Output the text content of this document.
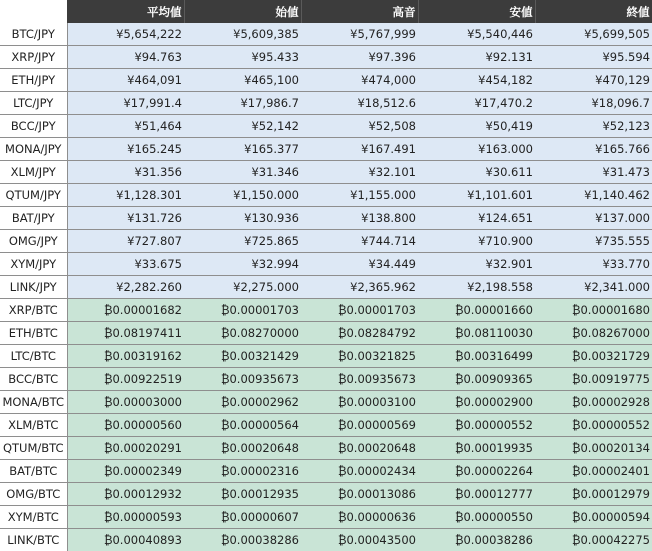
	平均値	始値	高音	安値	終値
BTC/JPY	¥5,654,222	¥5,609,385	¥5,767,999	¥5,540,446	¥5,699,505
XRP/JPY	¥94.763	¥95.433	¥97.396	¥92.131	¥95.594
ETH/JPY	¥464,091	¥465,100	¥474,000	¥454,182	¥470,129
LTC/JPY	¥17,991.4	¥17,986.7	¥18,512.6	¥17,470.2	¥18,096.7
BCC/JPY	¥51,464	¥52,142	¥52,508	¥50,419	¥52,123
MONA/JPY	¥165.245	¥165.377	¥167.491	¥163.000	¥165.766
XLM/JPY	¥31.356	¥31.346	¥32.101	¥30.611	¥31.473
QTUM/JPY	¥1,128.301	¥1,150.000	¥1,155.000	¥1,101.601	¥1,140.462
BAT/JPY	¥131.726	¥130.936	¥138.800	¥124.651	¥137.000
OMG/JPY	¥727.807	¥725.865	¥744.714	¥710.900	¥735.555
XYM/JPY	¥33.675	¥32.994	¥34.449	¥32.901	¥33.770
LINK/JPY	¥2,282.260	¥2,275.000	¥2,365.962	¥2,198.558	¥2,341.000
XRP/BTC	₿0.00001682	₿0.00001703	₿0.00001703	₿0.00001660	₿0.00001680
ETH/BTC	₿0.08197411	₿0.08270000	₿0.08284792	₿0.08110030	₿0.08267000
LTC/BTC	₿0.00319162	₿0.00321429	₿0.00321825	₿0.00316499	₿0.00321729
BCC/BTC	₿0.00922519	₿0.00935673	₿0.00935673	₿0.00909365	₿0.00919775
MONA/BTC	₿0.00003000	₿0.00002962	₿0.00003100	₿0.00002900	₿0.00002928
XLM/BTC	₿0.00000560	₿0.00000564	₿0.00000569	₿0.00000552	₿0.00000552
QTUM/BTC	₿0.00020291	₿0.00020648	₿0.00020648	₿0.00019935	₿0.00020134
BAT/BTC	₿0.00002349	₿0.00002316	₿0.00002434	₿0.00002264	₿0.00002401
OMG/BTC	₿0.00012932	₿0.00012935	₿0.00013086	₿0.00012777	₿0.00012979
XYM/BTC	₿0.00000593	₿0.00000607	₿0.00000636	₿0.00000550	₿0.00000594
LINK/BTC	₿0.00040893	₿0.00038286	₿0.00043500	₿0.00038286	₿0.00042275
